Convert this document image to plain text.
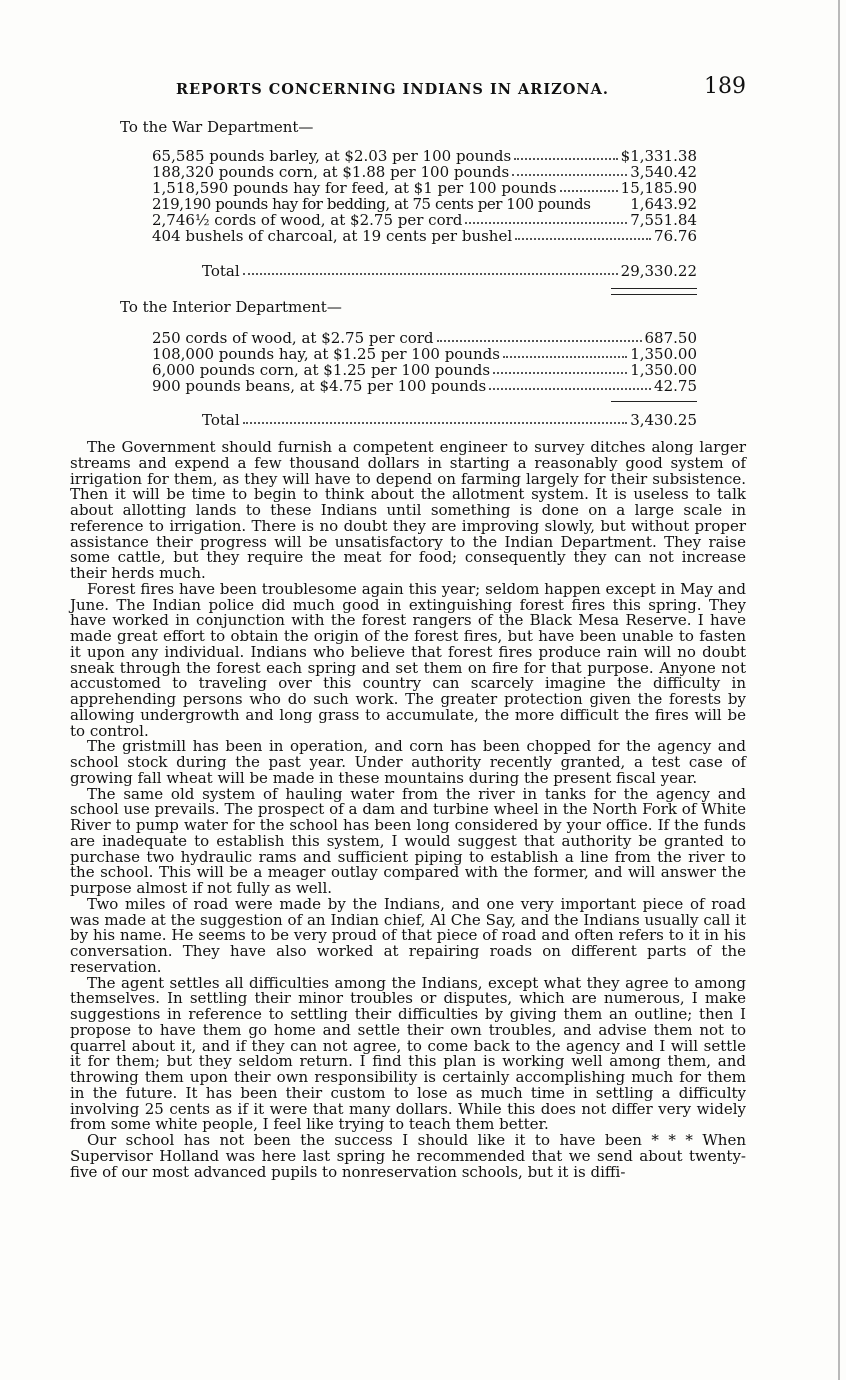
REPORTS CONCERNING INDIANS IN ARIZONA.	189
To the War Department—
65,585 pounds barley, at $2.03 per 100 pounds	$1,331.38
188,320 pounds corn, at $1.88 per 100 pounds	3,540.42
1,518,590 pounds hay for feed, at $1 per 100 pounds	15,185.90
219,190 pounds hay for bedding, at 75 cents per 100 pounds	1,643.92
2,746½ cords of wood, at $2.75 per cord	7,551.84
404 bushels of charcoal, at 19 cents per bushel	76.76
Total	29,330.22
To the Interior Department—
250 cords of wood, at $2.75 per cord	687.50
108,000 pounds hay, at $1.25 per 100 pounds	1,350.00
6,000 pounds corn, at $1.25 per 100 pounds	1,350.00
900 pounds beans, at $4.75 per 100 pounds	42.75
Total	3,430.25

The Government should furnish a competent engineer to survey ditches along larger streams and expend a few thousand dollars in starting a reasonably good system of irrigation for them, as they will have to depend on farming largely for their subsistence. Then it will be time to begin to think about the allotment system. It is useless to talk about allotting lands to these Indians until something is done on a large scale in reference to irrigation. There is no doubt they are improving slowly, but without proper assistance their progress will be unsatisfactory to the Indian Department. They raise some cattle, but they require the meat for food; consequently they can not increase their herds much.

Forest fires have been troublesome again this year; seldom happen except in May and June. The Indian police did much good in extinguishing forest fires this spring. They have worked in conjunction with the forest rangers of the Black Mesa Reserve. I have made great effort to obtain the origin of the forest fires, but have been unable to fasten it upon any individual. Indians who believe that forest fires produce rain will no doubt sneak through the forest each spring and set them on fire for that purpose. Anyone not accustomed to traveling over this country can scarcely imagine the difficulty in apprehending persons who do such work. The greater protection given the forests by allowing undergrowth and long grass to accumulate, the more difficult the fires will be to control.

The gristmill has been in operation, and corn has been chopped for the agency and school stock during the past year. Under authority recently granted, a test case of growing fall wheat will be made in these mountains during the present fiscal year.

The same old system of hauling water from the river in tanks for the agency and school use prevails. The prospect of a dam and turbine wheel in the North Fork of White River to pump water for the school has been long considered by your office. If the funds are inadequate to establish this system, I would suggest that authority be granted to purchase two hydraulic rams and sufficient piping to establish a line from the river to the school. This will be a meager outlay compared with the former, and will answer the purpose almost if not fully as well.

Two miles of road were made by the Indians, and one very important piece of road was made at the suggestion of an Indian chief, Al Che Say, and the Indians usually call it by his name. He seems to be very proud of that piece of road and often refers to it in his conversation. They have also worked at repairing roads on different parts of the reservation.

The agent settles all difficulties among the Indians, except what they agree to among themselves. In settling their minor troubles or disputes, which are numerous, I make suggestions in reference to settling their difficulties by giving them an outline; then I propose to have them go home and settle their own troubles, and advise them not to quarrel about it, and if they can not agree, to come back to the agency and I will settle it for them; but they seldom return. I find this plan is working well among them, and throwing them upon their own responsibility is certainly accomplishing much for them in the future. It has been their custom to lose as much time in settling a difficulty involving 25 cents as if it were that many dollars. While this does not differ very widely from some white people, I feel like trying to teach them better.

Our school has not been the success I should like it to have been * * * When Supervisor Holland was here last spring he recommended that we send about twenty-five of our most advanced pupils to nonreservation schools, but it is diffi-
